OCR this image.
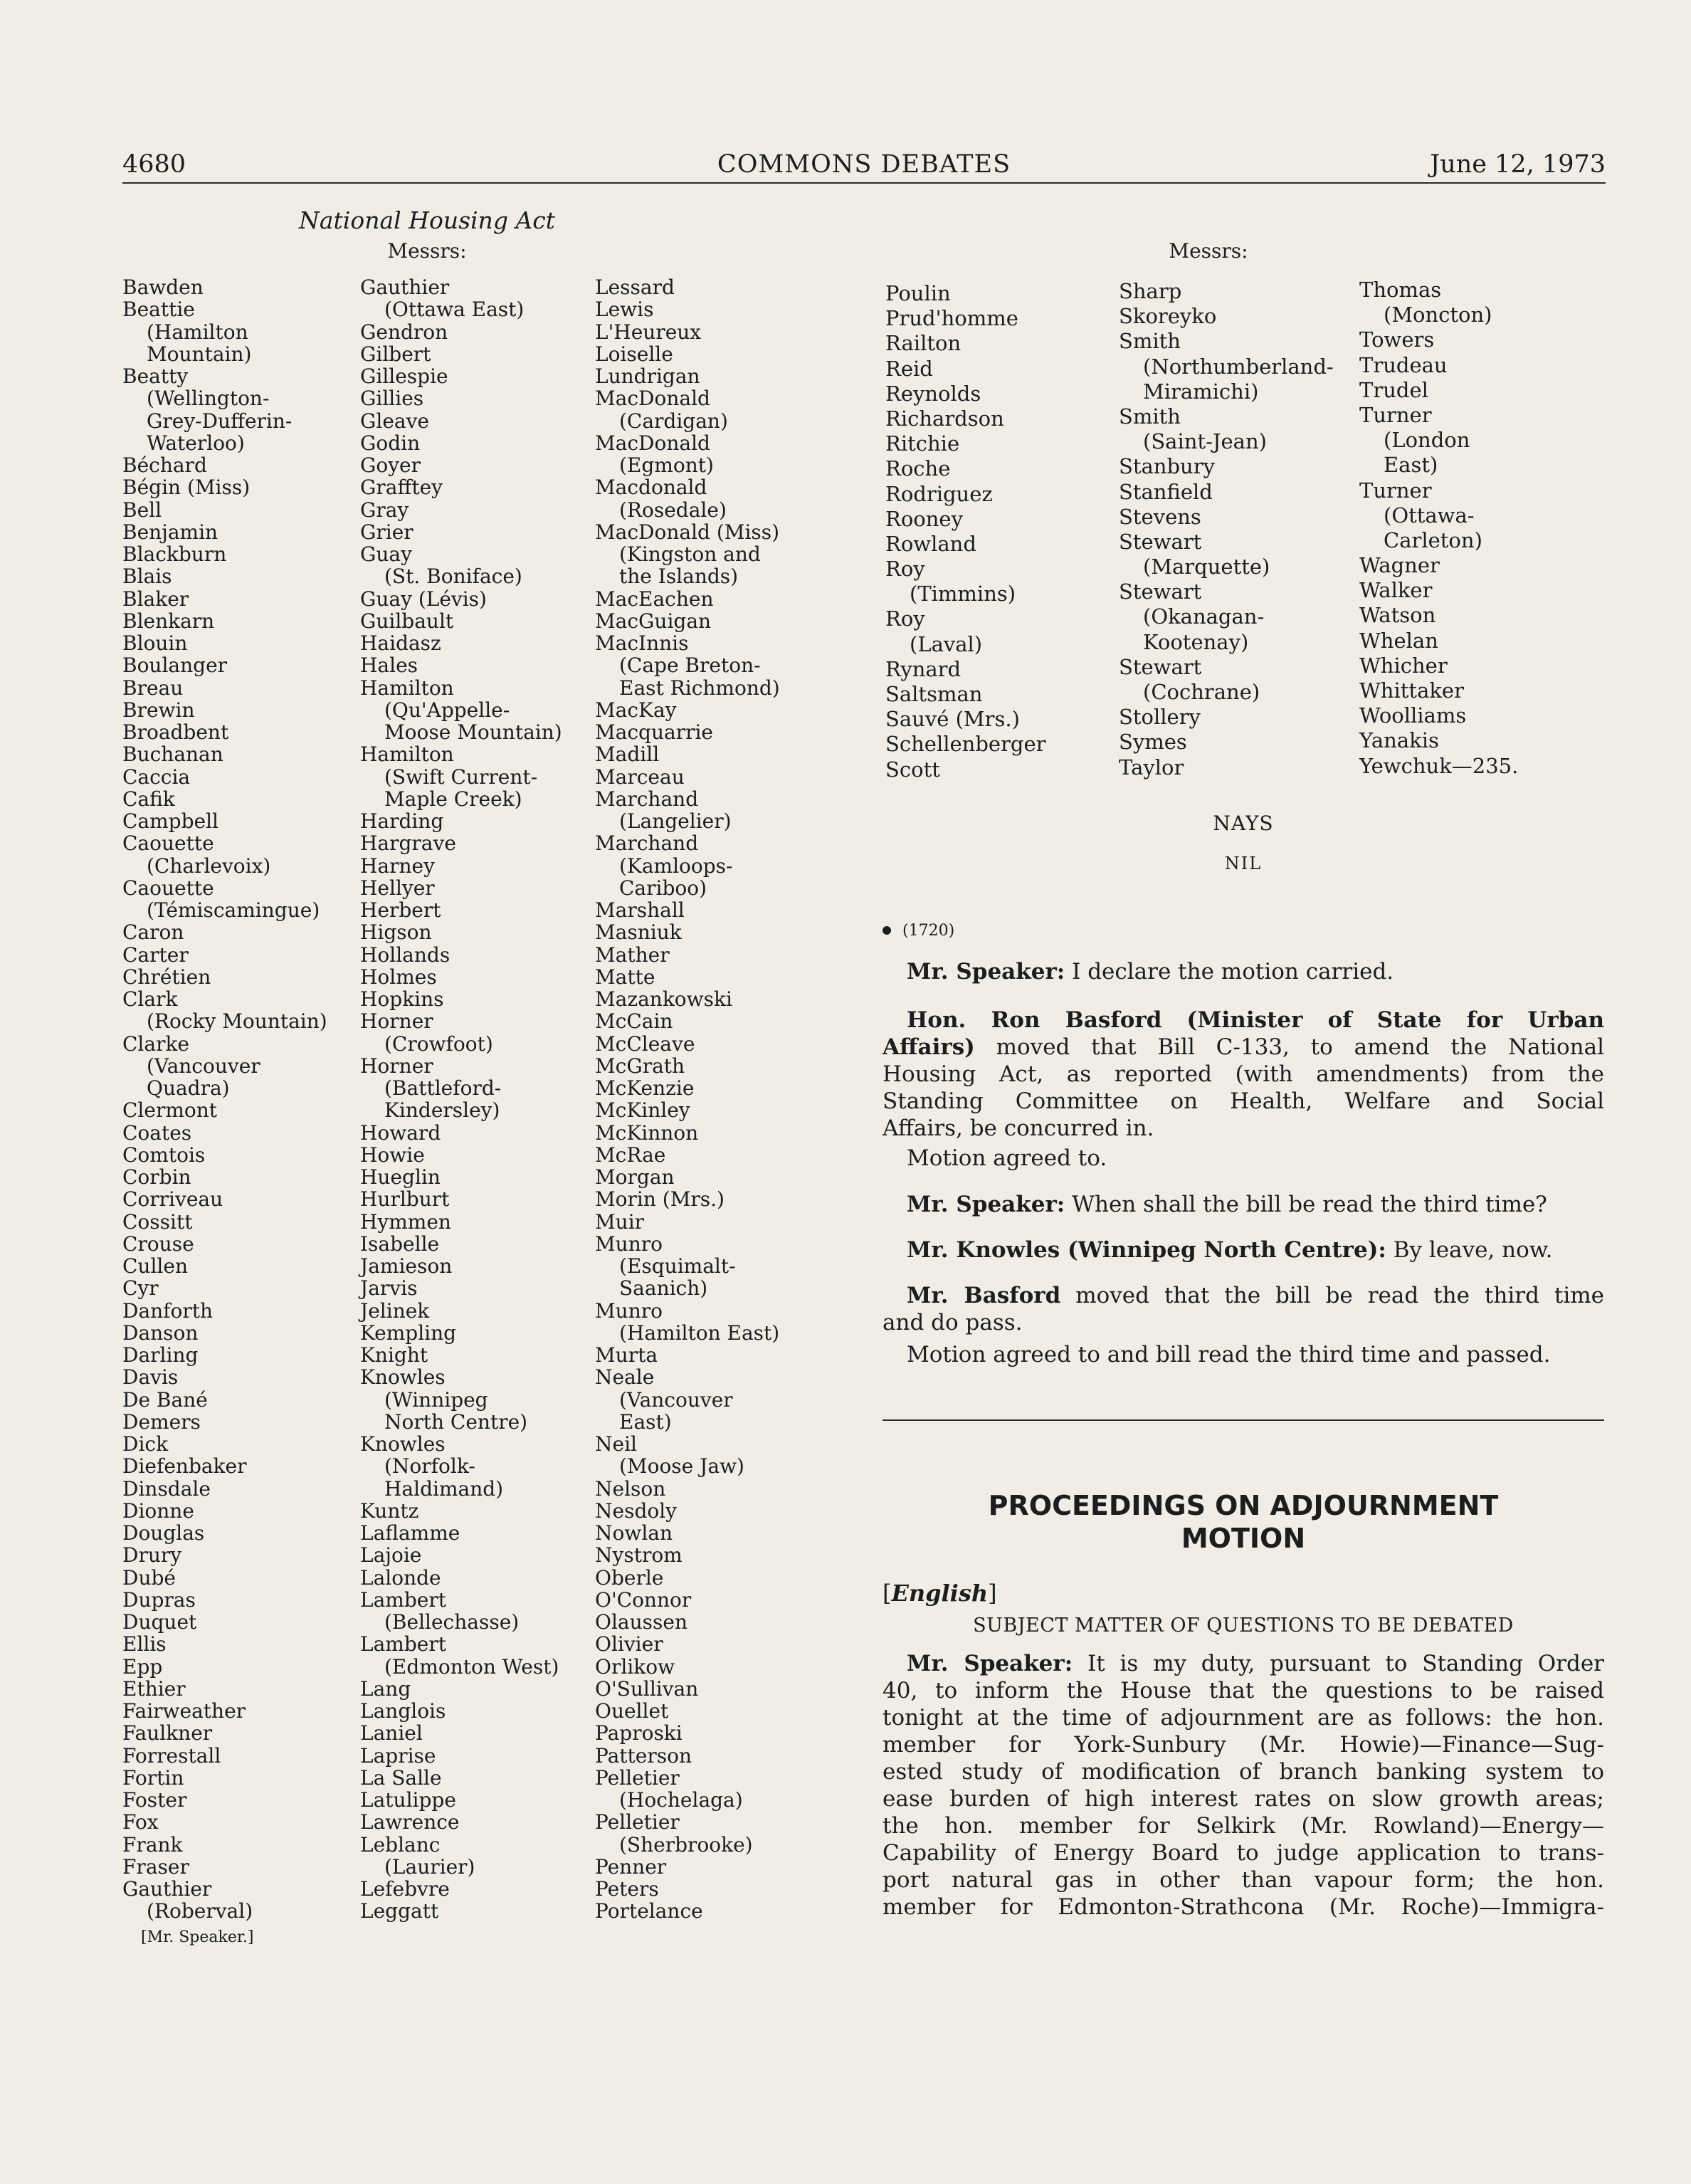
4680	COMMONS DEBATES	June 12, 1973
National Housing Act
Messrs:	Messrs:
Bawden
Beattie
(Hamilton
Mountain)
Beatty
(Wellington-
Grey-Dufferin-
Waterloo)
Béchard
Bégin (Miss)
Bell
Benjamin
Blackburn
Blais
Blaker
Blenkarn
Blouin
Boulanger
Breau
Brewin
Broadbent
Buchanan
Caccia
Cafik
Campbell
Caouette
(Charlevoix)
Caouette
(Témiscamingue)
Caron
Carter
Chrétien
Clark
(Rocky Mountain)
Clarke
(Vancouver
Quadra)
Clermont
Coates
Comtois
Corbin
Corriveau
Cossitt
Crouse
Cullen
Cyr
Danforth
Danson
Darling
Davis
De Bané
Demers
Dick
Diefenbaker
Dinsdale
Dionne
Douglas
Drury
Dubé
Dupras
Duquet
Ellis
Epp
Ethier
Fairweather
Faulkner
Forrestall
Fortin
Foster
Fox
Frank
Fraser
Gauthier
(Roberval)
Gauthier
(Ottawa East)
Gendron
Gilbert
Gillespie
Gillies
Gleave
Godin
Goyer
Grafftey
Gray
Grier
Guay
(St. Boniface)
Guay (Lévis)
Guilbault
Haidasz
Hales
Hamilton
(Qu'Appelle-
Moose Mountain)
Hamilton
(Swift Current-
Maple Creek)
Harding
Hargrave
Harney
Hellyer
Herbert
Higson
Hollands
Holmes
Hopkins
Horner
(Crowfoot)
Horner
(Battleford-
Kindersley)
Howard
Howie
Hueglin
Hurlburt
Hymmen
Isabelle
Jamieson
Jarvis
Jelinek
Kempling
Knight
Knowles
(Winnipeg
North Centre)
Knowles
(Norfolk-
Haldimand)
Kuntz
Laflamme
Lajoie
Lalonde
Lambert
(Bellechasse)
Lambert
(Edmonton West)
Lang
Langlois
Laniel
Laprise
La Salle
Latulippe
Lawrence
Leblanc
(Laurier)
Lefebvre
Leggatt
Lessard
Lewis
L'Heureux
Loiselle
Lundrigan
MacDonald
(Cardigan)
MacDonald
(Egmont)
Macdonald
(Rosedale)
MacDonald (Miss)
(Kingston and
the Islands)
MacEachen
MacGuigan
MacInnis
(Cape Breton-
East Richmond)
MacKay
Macquarrie
Madill
Marceau
Marchand
(Langelier)
Marchand
(Kamloops-
Cariboo)
Marshall
Masniuk
Mather
Matte
Mazankowski
McCain
McCleave
McGrath
McKenzie
McKinley
McKinnon
McRae
Morgan
Morin (Mrs.)
Muir
Munro
(Esquimalt-
Saanich)
Munro
(Hamilton East)
Murta
Neale
(Vancouver
East)
Neil
(Moose Jaw)
Nelson
Nesdoly
Nowlan
Nystrom
Oberle
O'Connor
Olaussen
Olivier
Orlikow
O'Sullivan
Ouellet
Paproski
Patterson
Pelletier
(Hochelaga)
Pelletier
(Sherbrooke)
Penner
Peters
Portelance
Poulin
Prud'homme
Railton
Reid
Reynolds
Richardson
Ritchie
Roche
Rodriguez
Rooney
Rowland
Roy
(Timmins)
Roy
(Laval)
Rynard
Saltsman
Sauvé (Mrs.)
Schellenberger
Scott
Sharp
Skoreyko
Smith
(Northumberland-
Miramichi)
Smith
(Saint-Jean)
Stanbury
Stanfield
Stevens
Stewart
(Marquette)
Stewart
(Okanagan-
Kootenay)
Stewart
(Cochrane)
Stollery
Symes
Taylor
Thomas
(Moncton)
Towers
Trudeau
Trudel
Turner
(London
East)
Turner
(Ottawa-
Carleton)
Wagner
Walker
Watson
Whelan
Whicher
Whittaker
Woolliams
Yanakis
Yewchuk—235.
[Mr. Speaker.]
NAYS
NIL
(1720)
Mr. Speaker: I declare the motion carried.
Hon. Ron Basford (Minister of State for Urban
Affairs) moved that Bill C-133, to amend the National
Housing Act, as reported (with amendments) from the
Standing Committee on Health, Welfare and Social
Affairs, be concurred in.
Motion agreed to.
Mr. Speaker: When shall the bill be read the third time?
Mr. Knowles (Winnipeg North Centre): By leave, now.
Mr. Basford moved that the bill be read the third time
and do pass.
Motion agreed to and bill read the third time and passed.
PROCEEDINGS ON ADJOURNMENT
MOTION
[English]
SUBJECT MATTER OF QUESTIONS TO BE DEBATED
Mr. Speaker: It is my duty, pursuant to Standing Order
40, to inform the House that the questions to be raised
tonight at the time of adjournment are as follows: the hon.
member for York-Sunbury (Mr. Howie)—Finance—Sug-
ested study of modification of branch banking system to
ease burden of high interest rates on slow growth areas;
the hon. member for Selkirk (Mr. Rowland)—Energy—
Capability of Energy Board to judge application to trans-
port natural gas in other than vapour form; the hon.
member for Edmonton-Strathcona (Mr. Roche)—Immigra-
